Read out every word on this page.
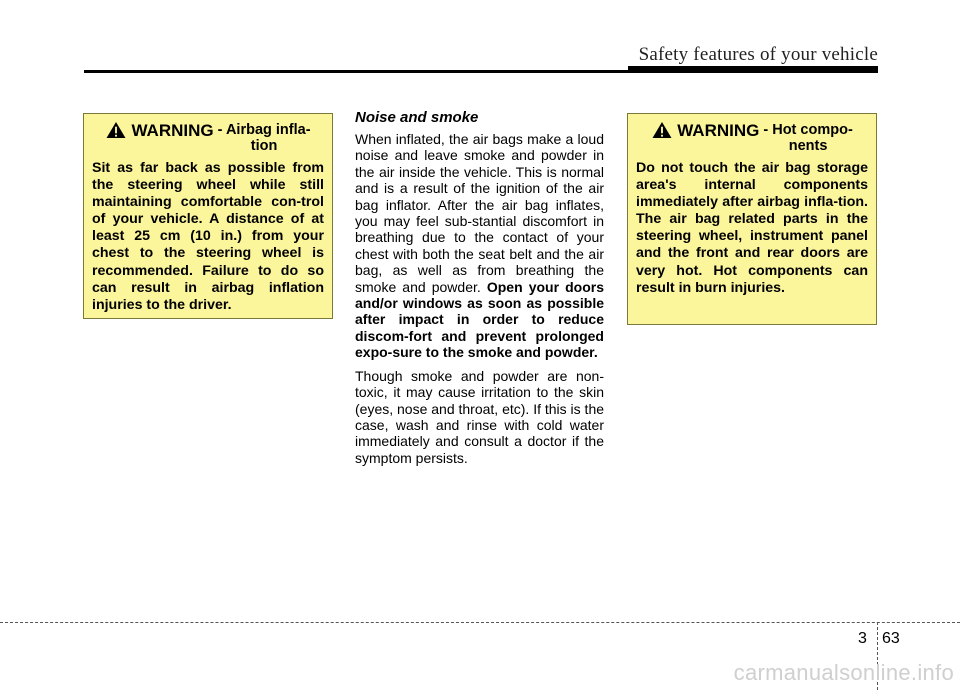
Safety features of your vehicle
WARNING - Airbag infla-
tion
Sit as far back as possible from the steering wheel while still maintaining comfortable con-trol of your vehicle. A distance of at least 25 cm (10 in.) from your chest to the steering wheel is recommended. Failure to do so can result in airbag inflation injuries to the driver.
Noise and smoke

When inflated, the air bags make a loud noise and leave smoke and powder in the air inside the vehicle. This is normal and is a result of the ignition of the air bag inflator. After the air bag inflates, you may feel sub-stantial discomfort in breathing due to the contact of your chest with both the seat belt and the air bag, as well as from breathing the smoke and powder. Open your doors and/or windows as soon as possible after impact in order to reduce discom-fort and prevent prolonged expo-sure to the smoke and powder.

Though smoke and powder are non-toxic, it may cause irritation to the skin (eyes, nose and throat, etc). If this is the case, wash and rinse with cold water immediately and consult a doctor if the symptom persists.

WARNING - Hot compo-
nents
Do not touch the air bag storage area's internal components immediately after airbag infla-tion. The air bag related parts in the steering wheel, instrument panel and the front and rear doors are very hot. Hot components can result in burn injuries.
3 63
carmanualsonline.info
